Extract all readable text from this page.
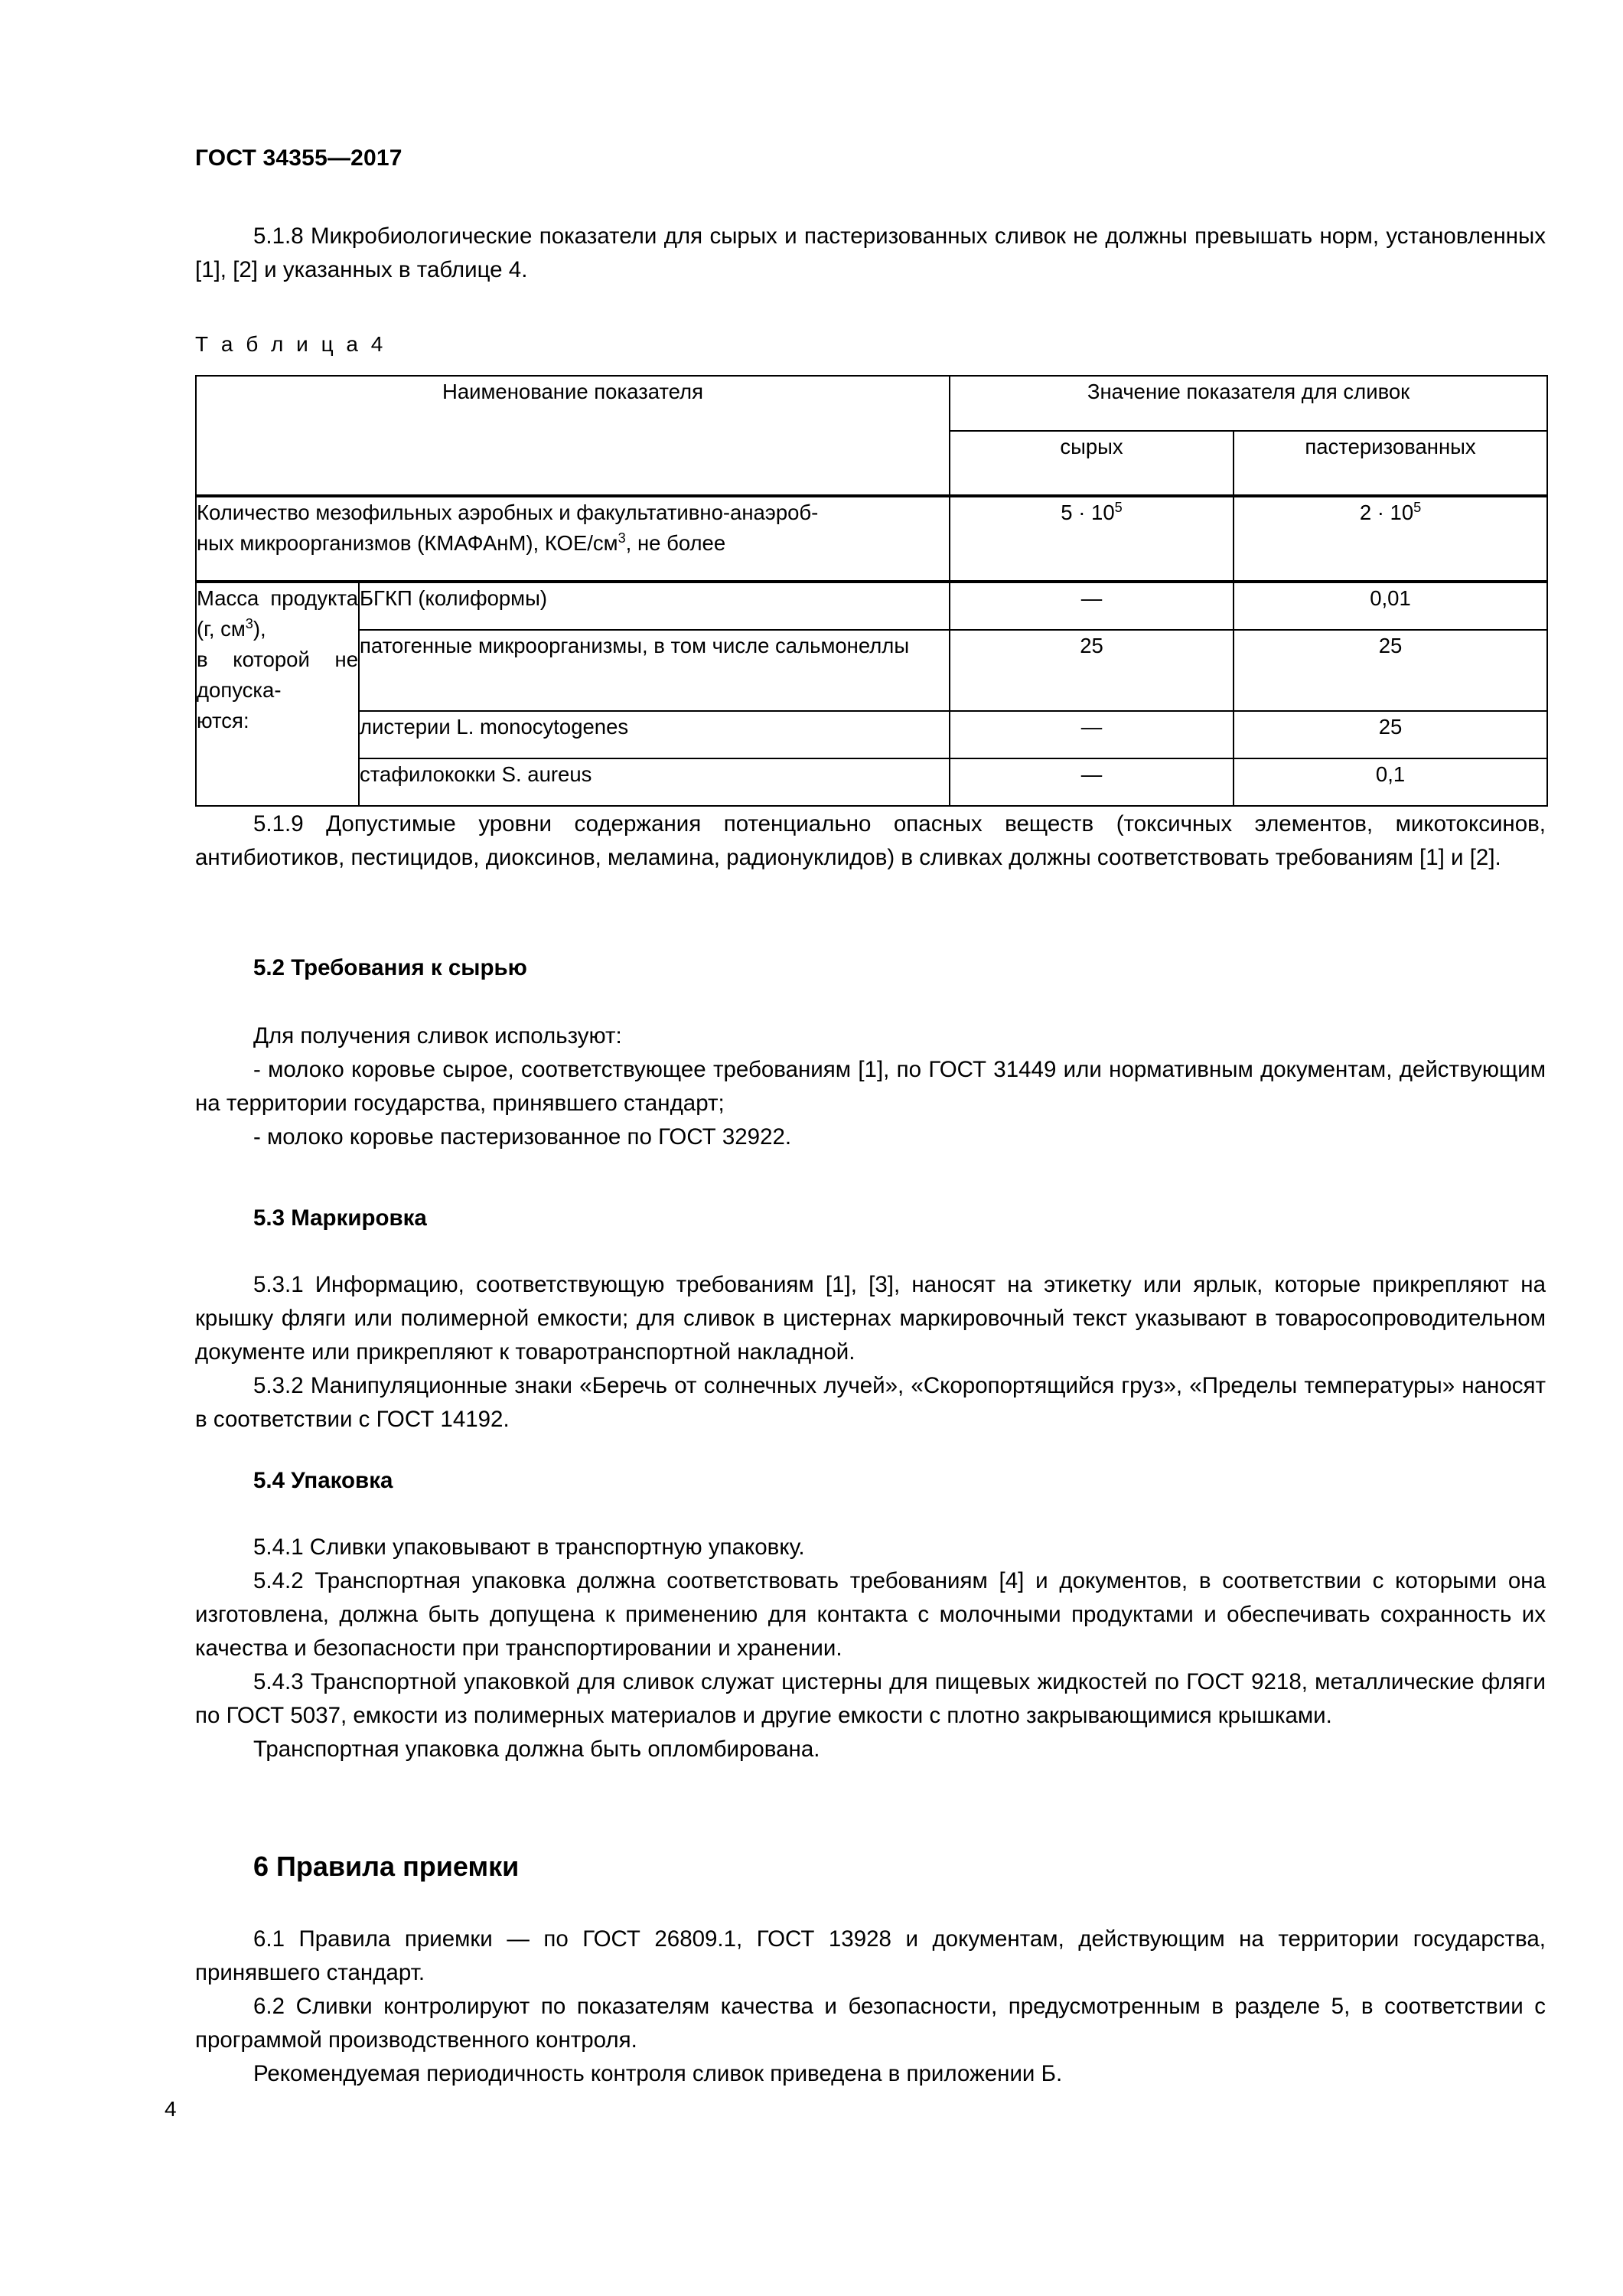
ГОСТ 34355—2017

5.1.8 Микробиологические показатели для сырых и пастеризованных сливок не должны превышать норм, установленных [1], [2] и указанных в таблице 4.

Т а б л и ц а 4
Наименование показателя		Значение показателя для сливок	
		сырых	пастеризованных
Количество мезофильных аэробных и факультативно-анаэроб-
ных микроорганизмов (КМАФАнМ), КОЕ/$см^3$, не более		$5 \cdot 10^5$	$2 \cdot 10^5$
Масса продукта (г, $см^3$),
в которой не допуска-
ются:	БГКП (колиформы)	—	0,01
	патогенные микроорганизмы, в том числе сальмонеллы	25	25
	листерии L. monocytogenes	—	25
	стафилококки S. aureus	—	0,1

5.1.9 Допустимые уровни содержания потенциально опасных веществ (токсичных элементов, микотоксинов, антибиотиков, пестицидов, диоксинов, меламина, радионуклидов) в сливках должны соответствовать требованиям [1] и [2].

5.2 Требования к сырью

Для получения сливок используют:

- молоко коровье сырое, соответствующее требованиям [1], по ГОСТ 31449 или нормативным документам, действующим на территории государства, принявшего стандарт;

- молоко коровье пастеризованное по ГОСТ 32922.

5.3 Маркировка

5.3.1 Информацию, соответствующую требованиям [1], [3], наносят на этикетку или ярлык, которые прикрепляют на крышку фляги или полимерной емкости; для сливок в цистернах маркировочный текст указывают в товаросопроводительном документе или прикрепляют к товаротранспортной накладной.

5.3.2 Манипуляционные знаки «Беречь от солнечных лучей», «Скоропортящийся груз», «Пределы температуры» наносят в соответствии с ГОСТ 14192.

5.4 Упаковка

5.4.1 Сливки упаковывают в транспортную упаковку.

5.4.2 Транспортная упаковка должна соответствовать требованиям [4] и документов, в соответствии с которыми она изготовлена, должна быть допущена к применению для контакта с молочными продуктами и обеспечивать сохранность их качества и безопасности при транспортировании и хранении.

5.4.3 Транспортной упаковкой для сливок служат цистерны для пищевых жидкостей по ГОСТ 9218, металлические фляги по ГОСТ 5037, емкости из полимерных материалов и другие емкости с плотно закрывающимися крышками.

Транспортная упаковка должна быть опломбирована.

6 Правила приемки

6.1 Правила приемки — по ГОСТ 26809.1, ГОСТ 13928 и документам, действующим на территории государства, принявшего стандарт.

6.2 Сливки контролируют по показателям качества и безопасности, предусмотренным в разделе 5, в соответствии с программой производственного контроля.

Рекомендуемая периодичность контроля сливок приведена в приложении Б.

4
